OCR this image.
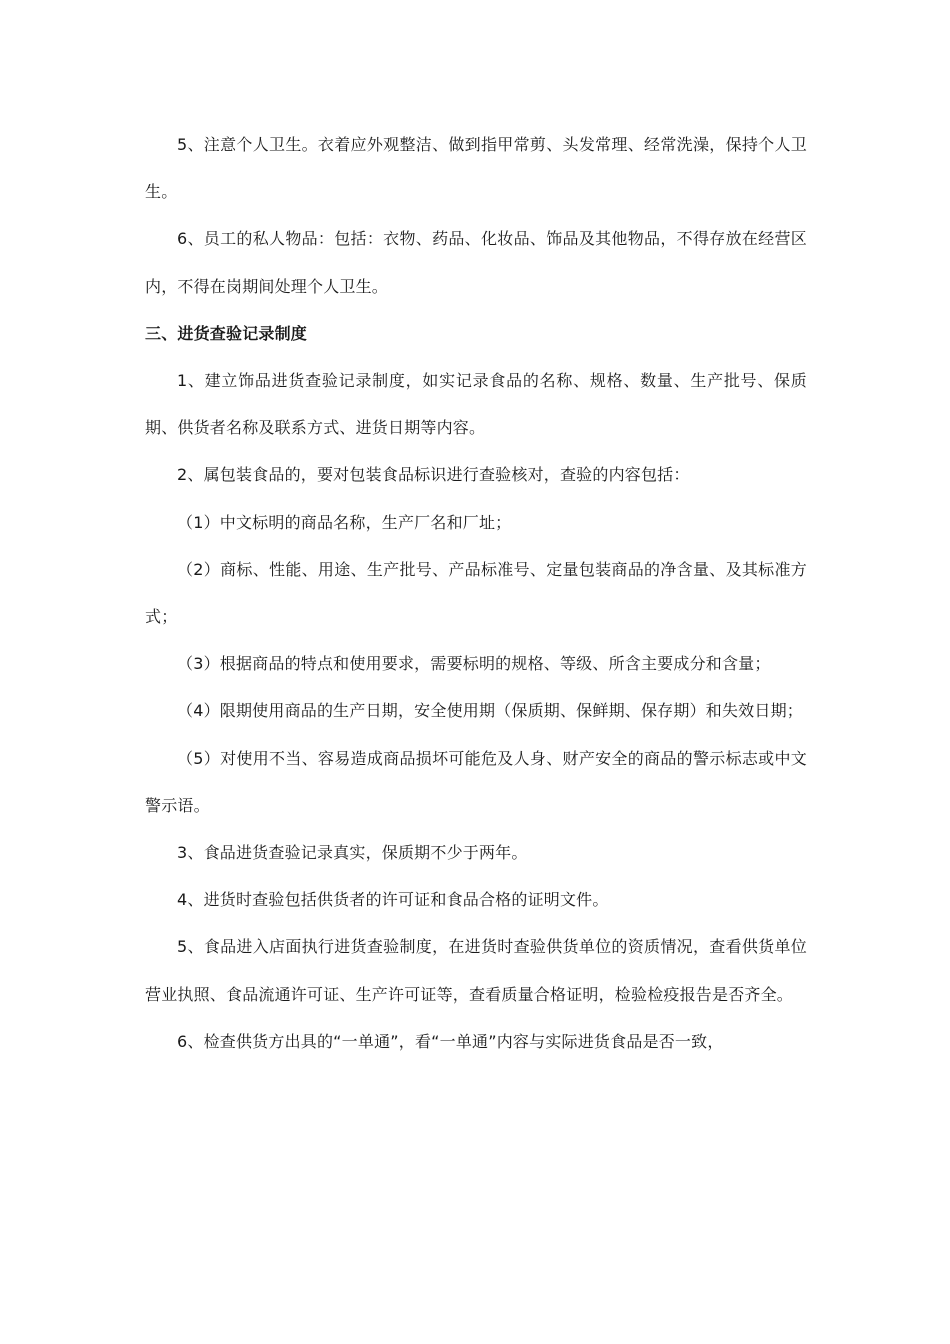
5、注意个人卫生。衣着应外观整洁、做到指甲常剪、头发常理、经常洗澡，保持个人卫生。

6、员工的私人物品：包括：衣物、药品、化妆品、饰品及其他物品，不得存放在经营区内，不得在岗期间处理个人卫生。

三、进货查验记录制度

1、建立饰品进货查验记录制度，如实记录食品的名称、规格、数量、生产批号、保质期、供货者名称及联系方式、进货日期等内容。

2、属包装食品的，要对包装食品标识进行查验核对，查验的内容包括：

（1）中文标明的商品名称，生产厂名和厂址；

（2）商标、性能、用途、生产批号、产品标准号、定量包装商品的净含量、及其标准方式；

（3）根据商品的特点和使用要求，需要标明的规格、等级、所含主要成分和含量；

（4）限期使用商品的生产日期，安全使用期（保质期、保鲜期、保存期）和失效日期；

（5）对使用不当、容易造成商品损坏可能危及人身、财产安全的商品的警示标志或中文警示语。

3、食品进货查验记录真实，保质期不少于两年。

4、进货时查验包括供货者的许可证和食品合格的证明文件。

5、食品进入店面执行进货查验制度，在进货时查验供货单位的资质情况，查看供货单位营业执照、食品流通许可证、生产许可证等，查看质量合格证明，检验检疫报告是否齐全。

6、检查供货方出具的“一单通”，看“一单通”内容与实际进货食品是否一致，
